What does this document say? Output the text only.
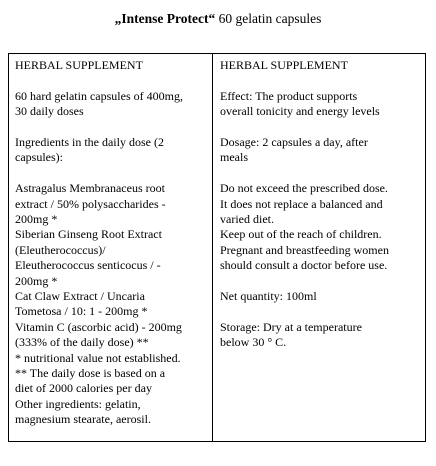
„Intense Protect“ 60 gelatin capsules
HERBAL SUPPLEMENT
60 hard gelatin capsules of 400mg,
30 daily doses
Ingredients in the daily dose (2
capsules):
Astragalus Membranaceus root
extract / 50% polysaccharides -
200mg *
Siberian Ginseng Root Extract
(Eleutherococcus)/
Eleutherococcus senticocus / -
200mg *
Cat Claw Extract / Uncaria
Tometosa / 10: 1 - 200mg *
Vitamin C (ascorbic acid) - 200mg
(333% of the daily dose) **
* nutritional value not established.
** The daily dose is based on a
diet of 2000 calories per day
Other ingredients: gelatin,
magnesium stearate, aerosil.
HERBAL SUPPLEMENT
Effect: The product supports
overall tonicity and energy levels
Dosage: 2 capsules a day, after
meals
Do not exceed the prescribed dose.
It does not replace a balanced and
varied diet.
Keep out of the reach of children.
Pregnant and breastfeeding women
should consult a doctor before use.
Net quantity: 100ml
Storage: Dry at a temperature
below 30 ° C.
